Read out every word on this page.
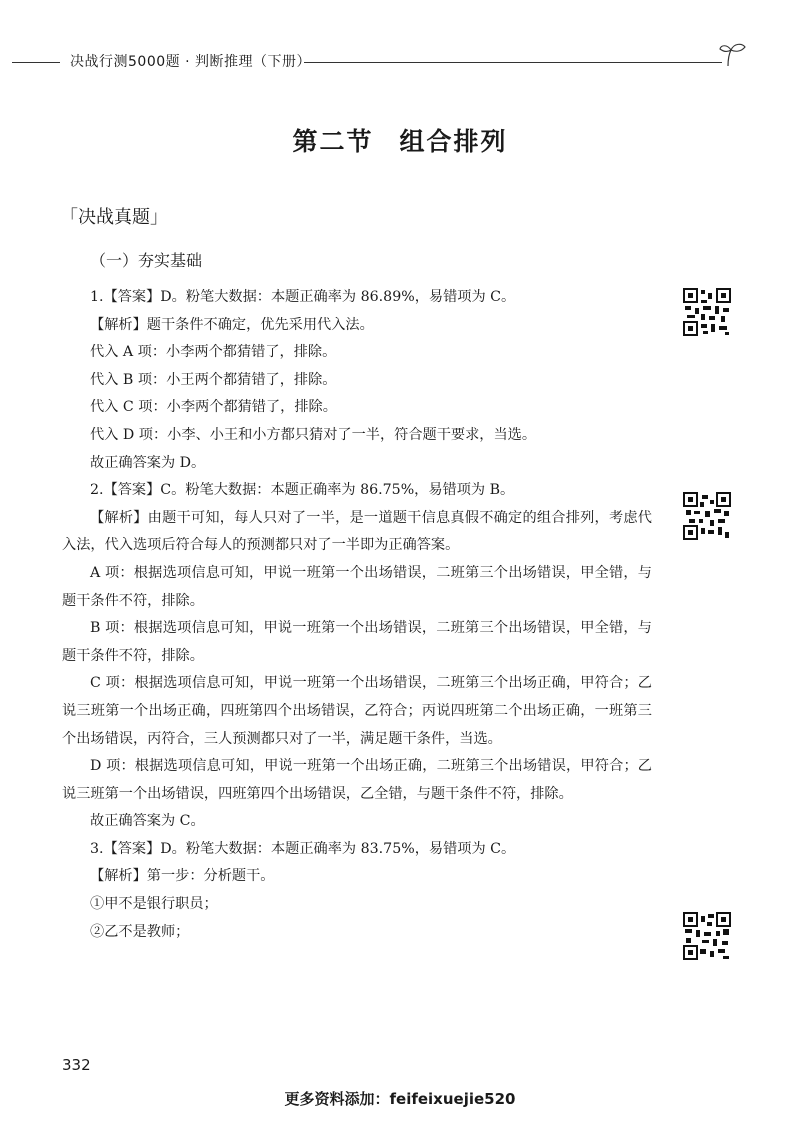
决战行测5000题 · 判断推理（下册）
第二节 组合排列
「决战真题」
（一）夯实基础

1.【答案】D。粉笔大数据：本题正确率为 86.89%，易错项为 C。

【解析】题干条件不确定，优先采用代入法。

代入 A 项：小李两个都猜错了，排除。

代入 B 项：小王两个都猜错了，排除。

代入 C 项：小李两个都猜错了，排除。

代入 D 项：小李、小王和小方都只猜对了一半，符合题干要求，当选。

故正确答案为 D。

2.【答案】C。粉笔大数据：本题正确率为 86.75%，易错项为 B。

【解析】由题干可知，每人只对了一半，是一道题干信息真假不确定的组合排列，考虑代入法，代入选项后符合每人的预测都只对了一半即为正确答案。

A 项：根据选项信息可知，甲说一班第一个出场错误，二班第三个出场错误，甲全错，与题干条件不符，排除。

B 项：根据选项信息可知，甲说一班第一个出场错误，二班第三个出场错误，甲全错，与题干条件不符，排除。

C 项：根据选项信息可知，甲说一班第一个出场错误，二班第三个出场正确，甲符合；乙说三班第一个出场正确，四班第四个出场错误，乙符合；丙说四班第二个出场正确，一班第三个出场错误，丙符合，三人预测都只对了一半，满足题干条件，当选。

D 项：根据选项信息可知，甲说一班第一个出场正确，二班第三个出场错误，甲符合；乙说三班第一个出场错误，四班第四个出场错误，乙全错，与题干条件不符，排除。

故正确答案为 C。

3.【答案】D。粉笔大数据：本题正确率为 83.75%，易错项为 C。

【解析】第一步：分析题干。

①甲不是银行职员；

②乙不是教师；

332
更多资料添加：feifeixuejie520
